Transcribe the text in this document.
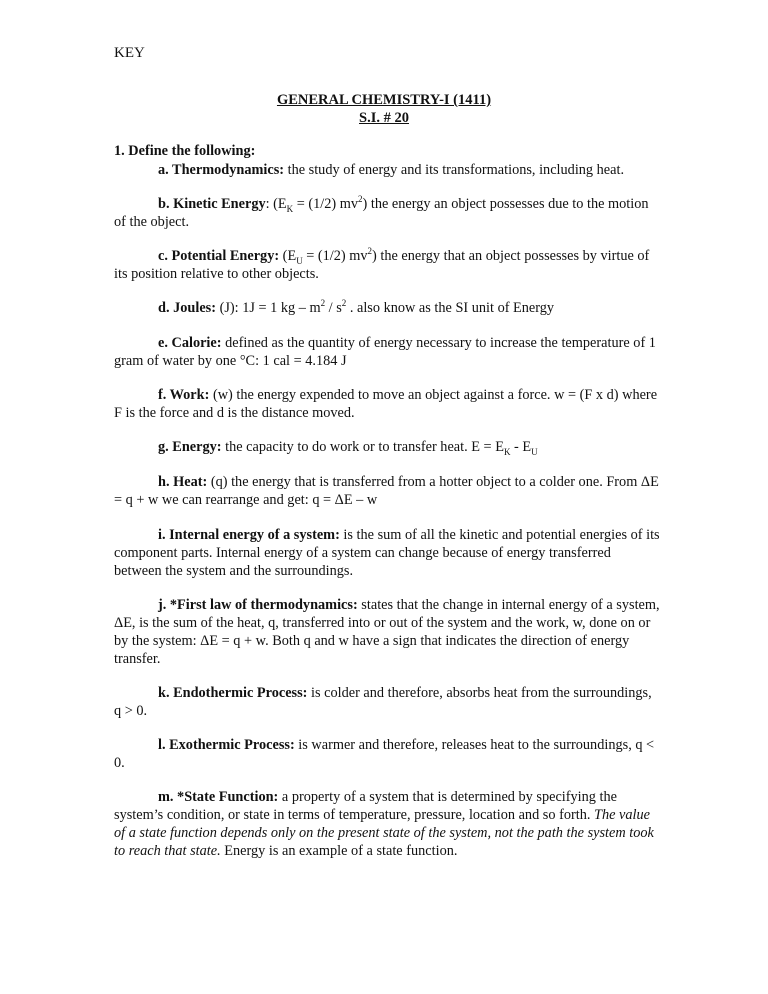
KEY
GENERAL CHEMISTRY-I (1411)
S.I. # 20
1. Define the following:
a. Thermodynamics: the study of energy and its transformations, including heat.
b. Kinetic Energy: ($E_K = (1/2)$ $mv^2$) the energy an object possesses due to the motion of the object.
c. Potential Energy: ($E_U = (1/2)$ $mv^2$) the energy that an object possesses by virtue of its position relative to other objects.
d. Joules: (J): 1J = 1 kg – $m^2 / s^2$ . also know as the SI unit of Energy
e. Calorie: defined as the quantity of energy necessary to increase the temperature of 1 gram of water by one °C: 1 cal = 4.184 J
f. Work: (w) the energy expended to move an object against a force. w = (F x d) where F is the force and d is the distance moved.
g. Energy: the capacity to do work or to transfer heat. $E = E_K - E_U$
h. Heat: (q) the energy that is transferred from a hotter object to a colder one. From ΔE = q + w we can rearrange and get: q = ΔE – w
i. Internal energy of a system: is the sum of all the kinetic and potential energies of its component parts. Internal energy of a system can change because of energy transferred between the system and the surroundings.
j. *First law of thermodynamics: states that the change in internal energy of a system, ΔE, is the sum of the heat, q, transferred into or out of the system and the work, w, done on or by the system: ΔE = q + w. Both q and w have a sign that indicates the direction of energy transfer.
k. Endothermic Process: is colder and therefore, absorbs heat from the surroundings, q > 0.
l. Exothermic Process: is warmer and therefore, releases heat to the surroundings, q < 0.
m. *State Function: a property of a system that is determined by specifying the system’s condition, or state in terms of temperature, pressure, location and so forth. The value of a state function depends only on the present state of the system, not the path the system took to reach that state. Energy is an example of a state function.
